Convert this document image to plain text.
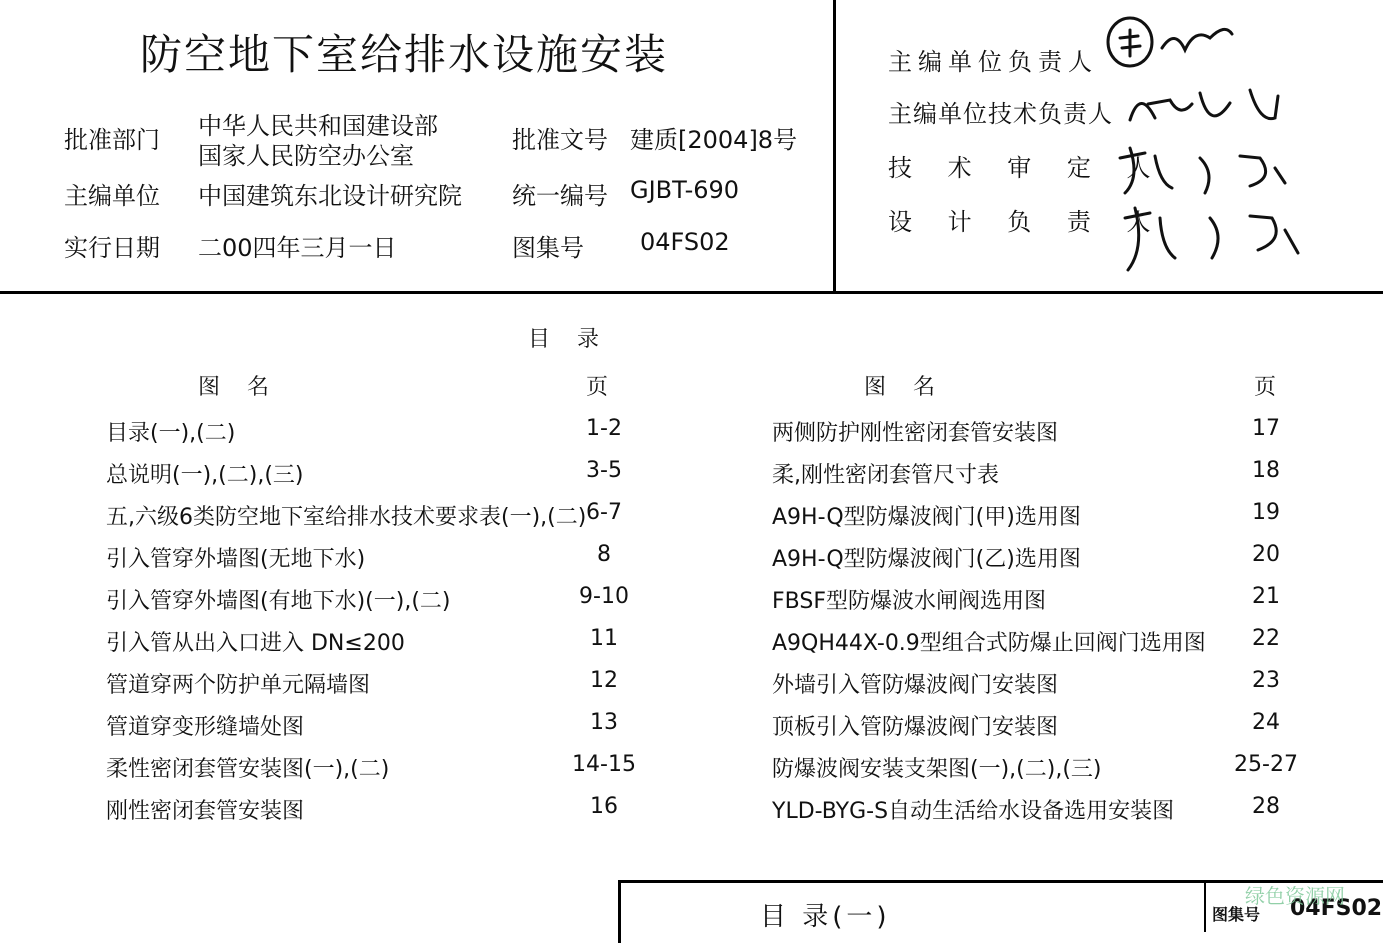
防空地下室给排水设施安装
批准部门 中华人民共和国建设部
国家人民防空办公室
批准文号 建质[2004]8号
主编单位 中国建筑东北设计研究院 统一编号 GJBT-690
实行日期 二00四年三月一日	图集号 04FS02
主编单位负责人
主编单位技术负责人
技 术 审 定 人
设 计 负 责 人
目 录
图 名	页	图 名	页
目录(一),(二)	1-2
总说明(一),(二),(三)	3-5
五,六级6类防空地下室给排水技术要求表(一),(二) 6-7
引入管穿外墙图(无地下水)	8
引入管穿外墙图(有地下水)(一),(二)	9-10
引入管从出入口进入 DN≤200	11
管道穿两个防护单元隔墙图	12
管道穿变形缝墙处图	13
柔性密闭套管安装图(一),(二)	14-15
刚性密闭套管安装图	16
两侧防护刚性密闭套管安装图	17
柔,刚性密闭套管尺寸表	18
A9H-Q型防爆波阀门(甲)选用图	19
A9H-Q型防爆波阀门(乙)选用图	20
FBSF型防爆波水闸阀选用图	21
A9QH44X-0.9型组合式防爆止回阀门选用图	22
外墙引入管防爆波阀门安装图	23
顶板引入管防爆波阀门安装图	24
防爆波阀安装支架图(一),(二),(三)	25-27
YLD-BYG-S自动生活给水设备选用安装图	28
目 录(一)	图集号 04FS02
绿色资源网
